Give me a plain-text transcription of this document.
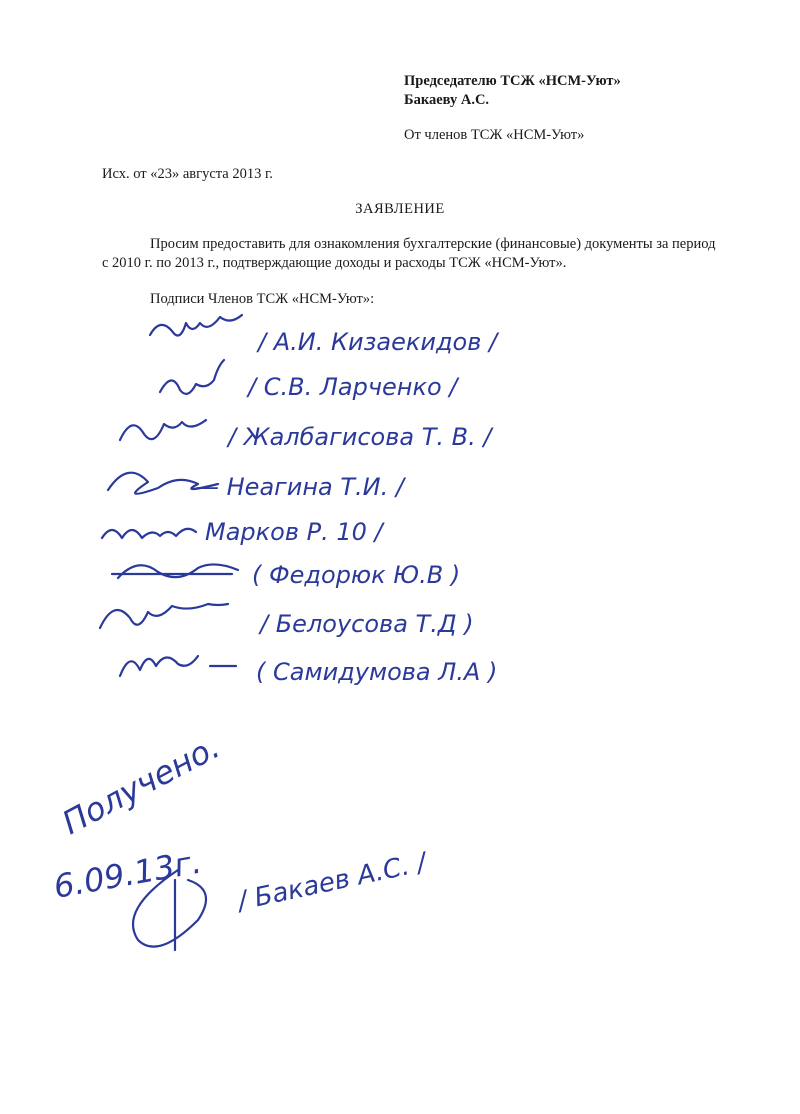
Председателю ТСЖ «НСМ-Уют»
Бакаеву А.С.
От членов ТСЖ «НСМ-Уют»
Исх. от «23» августа 2013 г.
ЗАЯВЛЕНИЕ
Просим предоставить для ознакомления бухгалтерские (финансовые) документы за период с 2010 г. по 2013 г., подтверждающие доходы и расходы ТСЖ «НСМ-Уют».
Подписи Членов ТСЖ «НСМ-Уют»:
/ А.И. Кизаекидов /
/ С.В. Ларченко /
/ Жалбагисова Т. В. /
— Неагина Т.И. /
Марков Р. 10 /
( Федорюк Ю.В )
/ Белоусова Т.Д )
( Самидумова Л.А )
Получено.
6.09.13г. / Бакаев А.С. /
